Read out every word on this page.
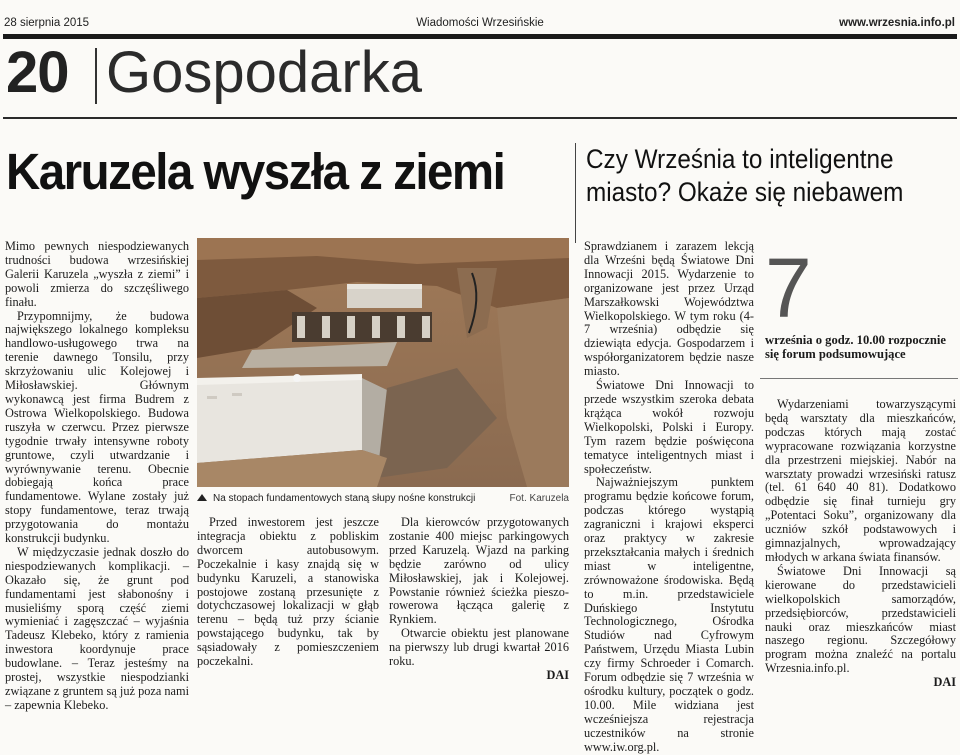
28 sierpnia 2015	Wiadomości Wrzesińskie	www.wrzesnia.info.pl
20 Gospodarka
Karuzela wyszła z ziemi	Czy Września to inteligentne miasto? Okaże się niebawem

Mimo pewnych niespodziewanych trudności budowa wrzesińskiej Galerii Karuzela „wyszła z ziemi” i powoli zmierza do szczęśliwego finału.

Przypomnijmy, że budowa największego lokalnego kompleksu handlowo-usługowego trwa na terenie dawnego Tonsilu, przy skrzyżowaniu ulic Kolejowej i Miłosławskiej. Głównym wykonawcą jest firma Budrem z Ostrowa Wielkopolskiego. Budowa ruszyła w czerwcu. Przez pierwsze tygodnie trwały intensywne roboty gruntowe, czyli utwardzanie i wyrównywanie terenu. Obecnie dobiegają końca prace fundamentowe. Wylane zostały już stopy fundamentowe, teraz trwają przygotowania do montażu konstrukcji budynku.

W międzyczasie jednak doszło do niespodziewanych komplikacji. – Okazało się, że grunt pod fundamentami jest słabonośny i musieliśmy sporą część ziemi wymieniać i zagęszczać – wyjaśnia Tadeusz Klebeko, który z ramienia inwestora koordynuje prace budowlane. – Teraz jesteśmy na prostej, wszystkie niespodzianki związane z gruntem są już poza nami – zapewnia Klebeko.

Na stopach fundamentowych staną słupy nośne konstrukcji	Fot. Karuzela

Przed inwestorem jest jeszcze integracja obiektu z pobliskim dworcem autobusowym. Poczekalnie i kasy znajdą się w budynku Karuzeli, a stanowiska postojowe zostaną przesunięte z dotychczasowej lokalizacji w głąb terenu – będą tuż przy ścianie powstającego budynku, tak by sąsiadowały z pomieszczeniem poczekalni.

Dla kierowców przygotowanych zostanie 400 miejsc parkingowych przed Karuzelą. Wjazd na parking będzie zarówno od ulicy Miłosławskiej, jak i Kolejowej. Powstanie również ścieżka pieszo-rowerowa łącząca galerię z Rynkiem.

Otwarcie obiektu jest planowane na pierwszy lub drugi kwartał 2016 roku.

DAI

Sprawdzianem i zarazem lekcją dla Wrześni będą Światowe Dni Innowacji 2015. Wydarzenie to organizowane jest przez Urząd Marszałkowski Województwa Wielkopolskiego. W tym roku (4-7 września) odbędzie się dziewiąta edycja. Gospodarzem i współorganizatorem będzie nasze miasto.

Światowe Dni Innowacji to przede wszystkim szeroka debata krążąca wokół rozwoju Wielkopolski, Polski i Europy. Tym razem będzie poświęcona tematyce inteligentnych miast i społeczeństw.

Najważniejszym punktem programu będzie końcowe forum, podczas którego wystąpią zagraniczni i krajowi eksperci oraz praktycy w zakresie przekształcania małych i średnich miast w inteligentne, zrównoważone środowiska. Będą to m.in. przedstawiciele Duńskiego Instytutu Technologicznego, Ośrodka Studiów nad Cyfrowym Państwem, Urzędu Miasta Lubin czy firmy Schroeder i Comarch. Forum odbędzie się 7 września w ośrodku kultury, początek o godz. 10.00. Mile widziana jest wcześniejsza rejestracja uczestników na stronie www.iw.org.pl.

7
września o godz. 10.00 rozpocznie się forum podsumowujące

Wydarzeniami towarzyszącymi będą warsztaty dla mieszkańców, podczas których mają zostać wypracowane rozwiązania korzystne dla przestrzeni miejskiej. Nabór na warsztaty prowadzi wrzesiński ratusz (tel. 61 640 40 81). Dodatkowo odbędzie się finał turnieju gry „Potentaci Soku”, organizowany dla uczniów szkół podstawowych i gimnazjalnych, wprowadzający młodych w arkana świata finansów.

Światowe Dni Innowacji są kierowane do przedstawicieli wielkopolskich samorządów, przedsiębiorców, przedstawicieli nauki oraz mieszkańców miast naszego regionu. Szczegółowy program można znaleźć na portalu Wrzesnia.info.pl.

DAI
